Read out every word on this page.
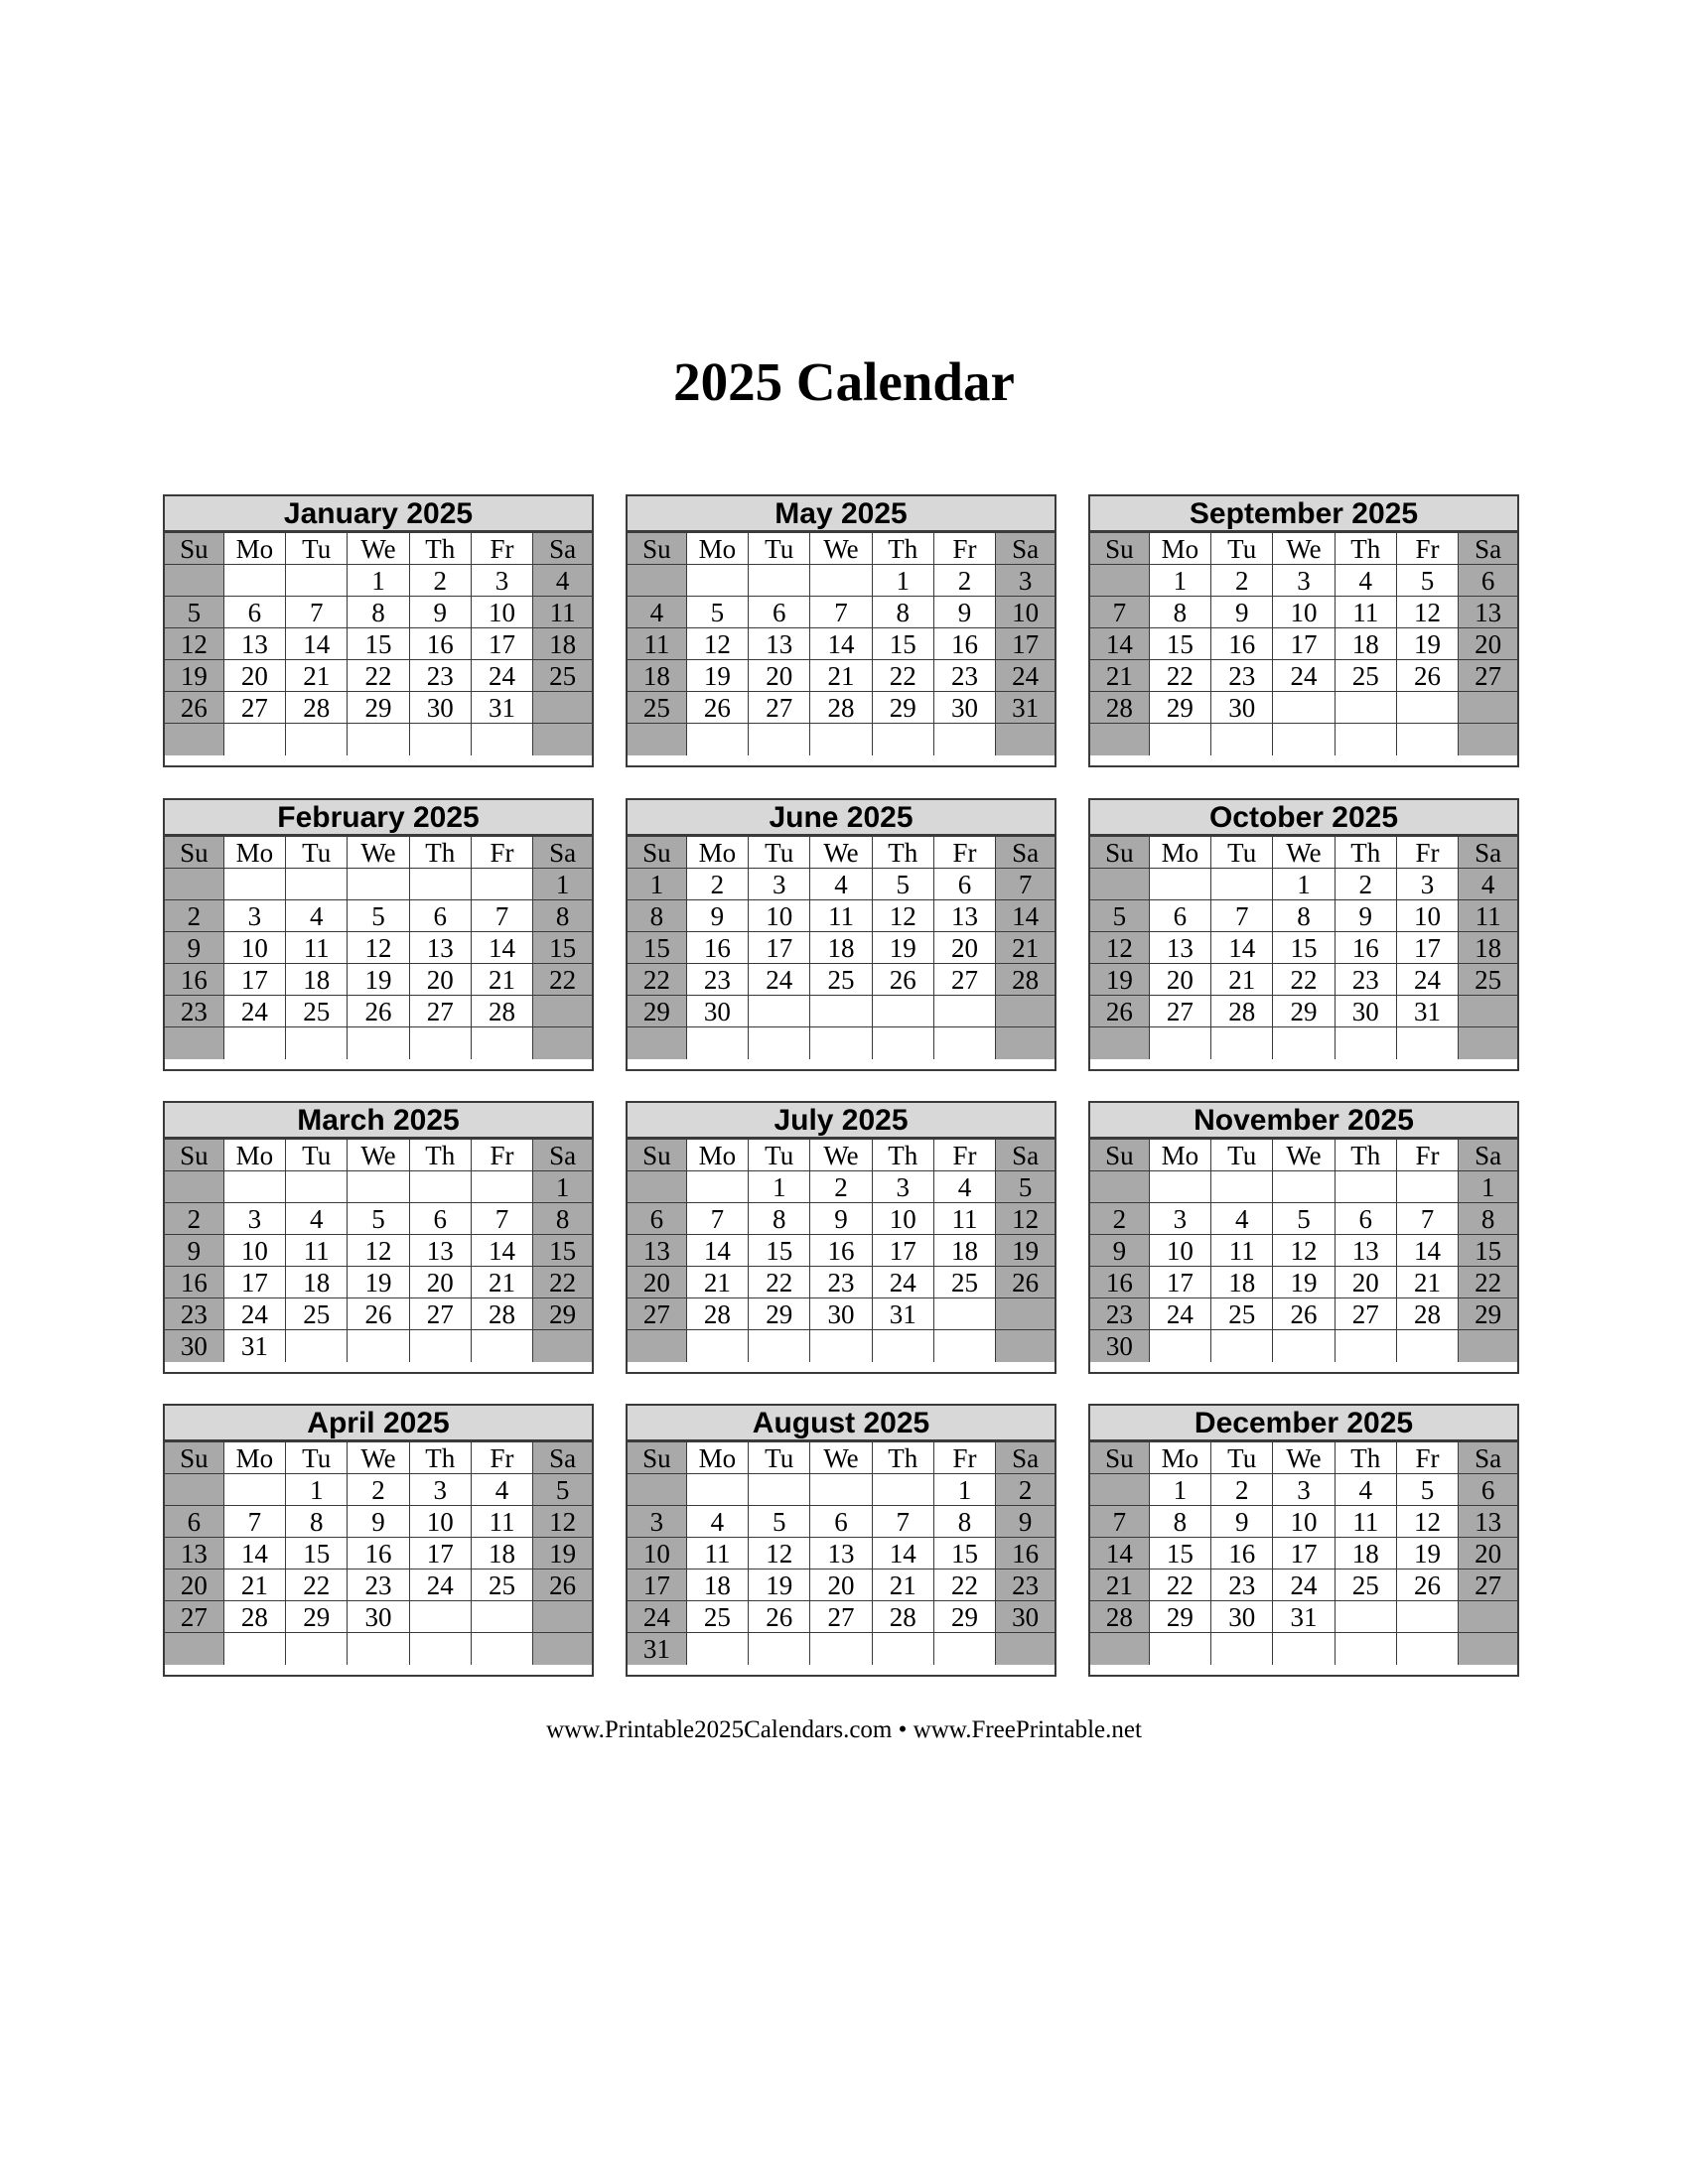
2025 Calendar
January 2025
Su	Mo	Tu	We	Th	Fr	Sa
			1	2	3	4
5	6	7	8	9	10	11
12	13	14	15	16	17	18
19	20	21	22	23	24	25
26	27	28	29	30	31	

February 2025
Su	Mo	Tu	We	Th	Fr	Sa
						1
2	3	4	5	6	7	8
9	10	11	12	13	14	15
16	17	18	19	20	21	22
23	24	25	26	27	28	

March 2025
Su	Mo	Tu	We	Th	Fr	Sa
						1
2	3	4	5	6	7	8
9	10	11	12	13	14	15
16	17	18	19	20	21	22
23	24	25	26	27	28	29
30	31					
April 2025
Su	Mo	Tu	We	Th	Fr	Sa
		1	2	3	4	5
6	7	8	9	10	11	12
13	14	15	16	17	18	19
20	21	22	23	24	25	26
27	28	29	30			

May 2025
Su	Mo	Tu	We	Th	Fr	Sa
				1	2	3
4	5	6	7	8	9	10
11	12	13	14	15	16	17
18	19	20	21	22	23	24
25	26	27	28	29	30	31

June 2025
Su	Mo	Tu	We	Th	Fr	Sa
1	2	3	4	5	6	7
8	9	10	11	12	13	14
15	16	17	18	19	20	21
22	23	24	25	26	27	28
29	30					

July 2025
Su	Mo	Tu	We	Th	Fr	Sa
		1	2	3	4	5
6	7	8	9	10	11	12
13	14	15	16	17	18	19
20	21	22	23	24	25	26
27	28	29	30	31		

August 2025
Su	Mo	Tu	We	Th	Fr	Sa
					1	2
3	4	5	6	7	8	9
10	11	12	13	14	15	16
17	18	19	20	21	22	23
24	25	26	27	28	29	30
31						
September 2025
Su	Mo	Tu	We	Th	Fr	Sa
	1	2	3	4	5	6
7	8	9	10	11	12	13
14	15	16	17	18	19	20
21	22	23	24	25	26	27
28	29	30				

October 2025
Su	Mo	Tu	We	Th	Fr	Sa
			1	2	3	4
5	6	7	8	9	10	11
12	13	14	15	16	17	18
19	20	21	22	23	24	25
26	27	28	29	30	31	

November 2025
Su	Mo	Tu	We	Th	Fr	Sa
						1
2	3	4	5	6	7	8
9	10	11	12	13	14	15
16	17	18	19	20	21	22
23	24	25	26	27	28	29
30						
December 2025
Su	Mo	Tu	We	Th	Fr	Sa
	1	2	3	4	5	6
7	8	9	10	11	12	13
14	15	16	17	18	19	20
21	22	23	24	25	26	27
28	29	30	31			

www.Printable2025Calendars.com • www.FreePrintable.net
